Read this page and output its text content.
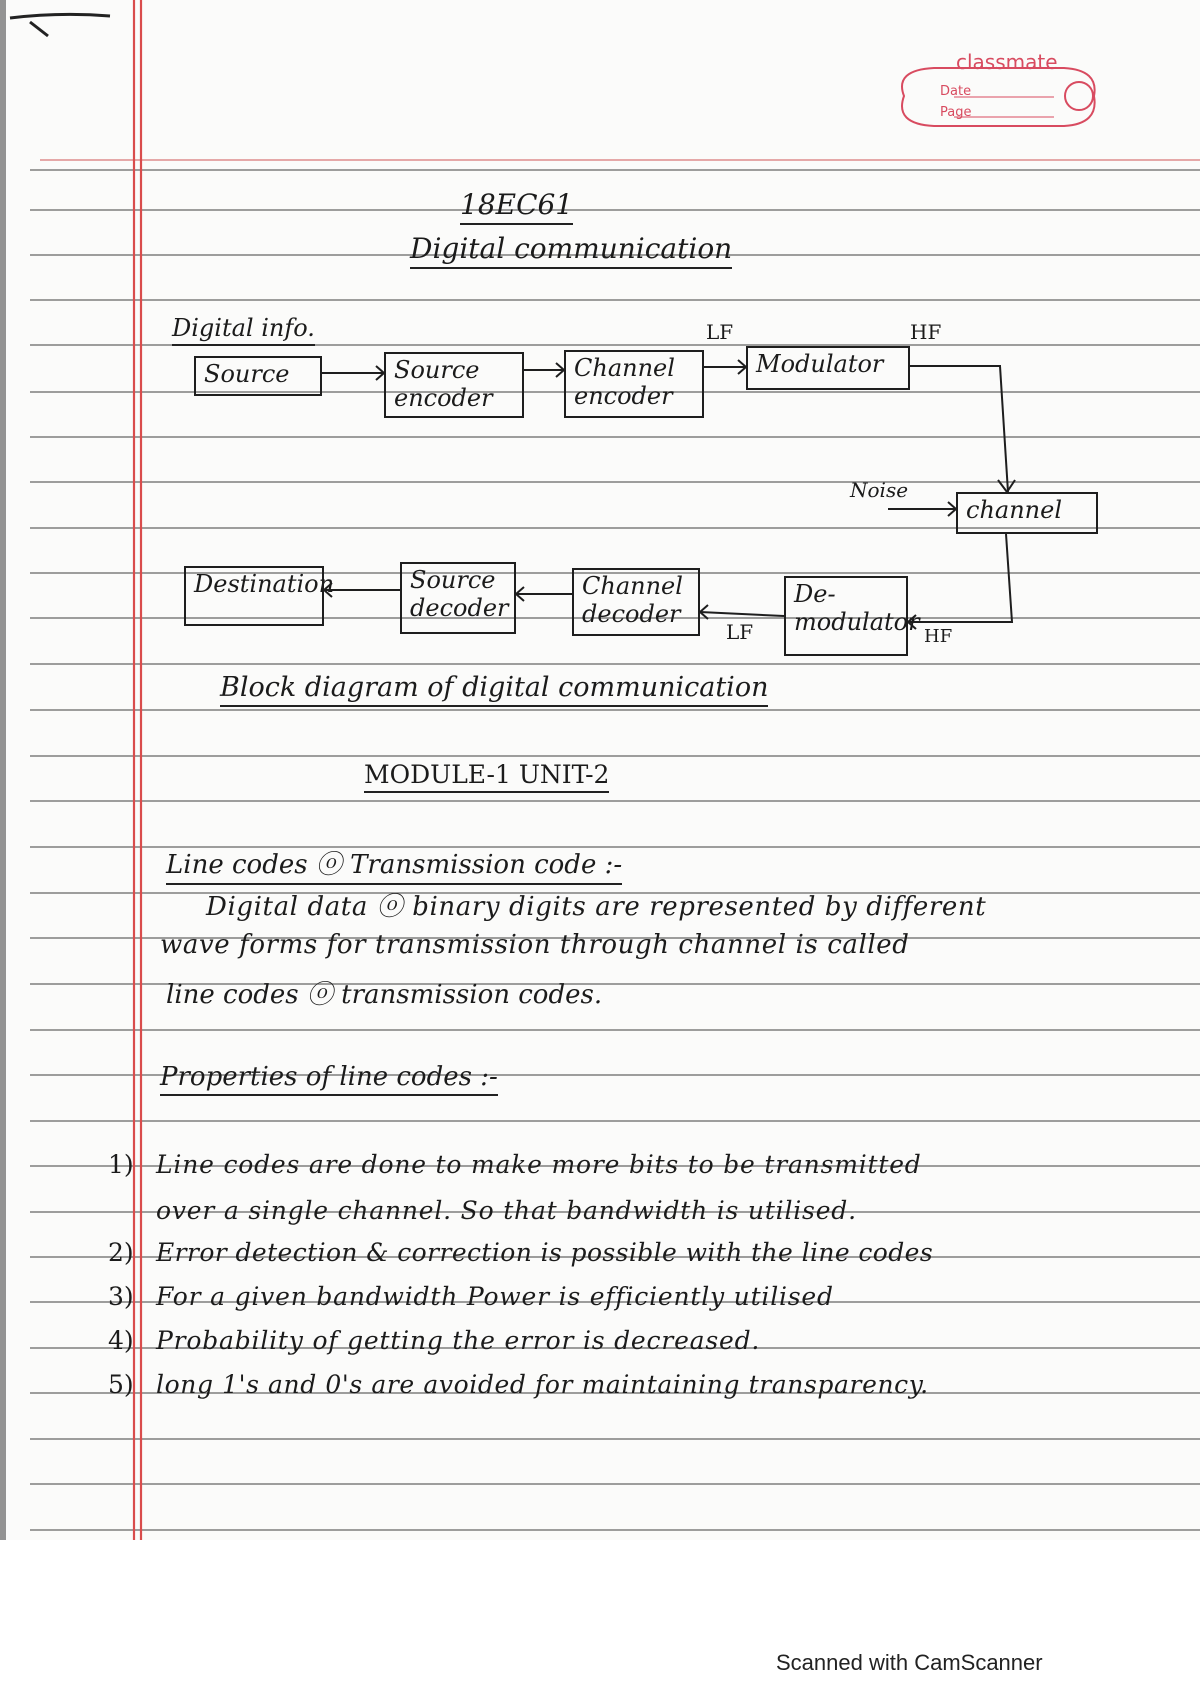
classmate
Date
Page
18EC61
Digital communication
Digital info.
Source	Source
encoder
Channel
encoder
Modulator
channel
De-
modulator
Channel
decoder
Source
decoder
Destination
LF	HF
Noise
LF	HF
Block diagram of digital communication
MODULE-1 UNIT-2
Line codes ⓞ Transmission code :-
Digital data ⓞ binary digits are represented by different
wave forms for transmission through channel is called
line codes ⓞ transmission codes.
Properties of line codes :-
1) Line codes are done to make more bits to be transmitted
over a single channel. So that bandwidth is utilised.
2) Error detection & correction is possible with the line codes
3) For a given bandwidth Power is efficiently utilised
4) Probability of getting the error is decreased.
5) long 1's and 0's are avoided for maintaining transparency.
Scanned with CamScanner
